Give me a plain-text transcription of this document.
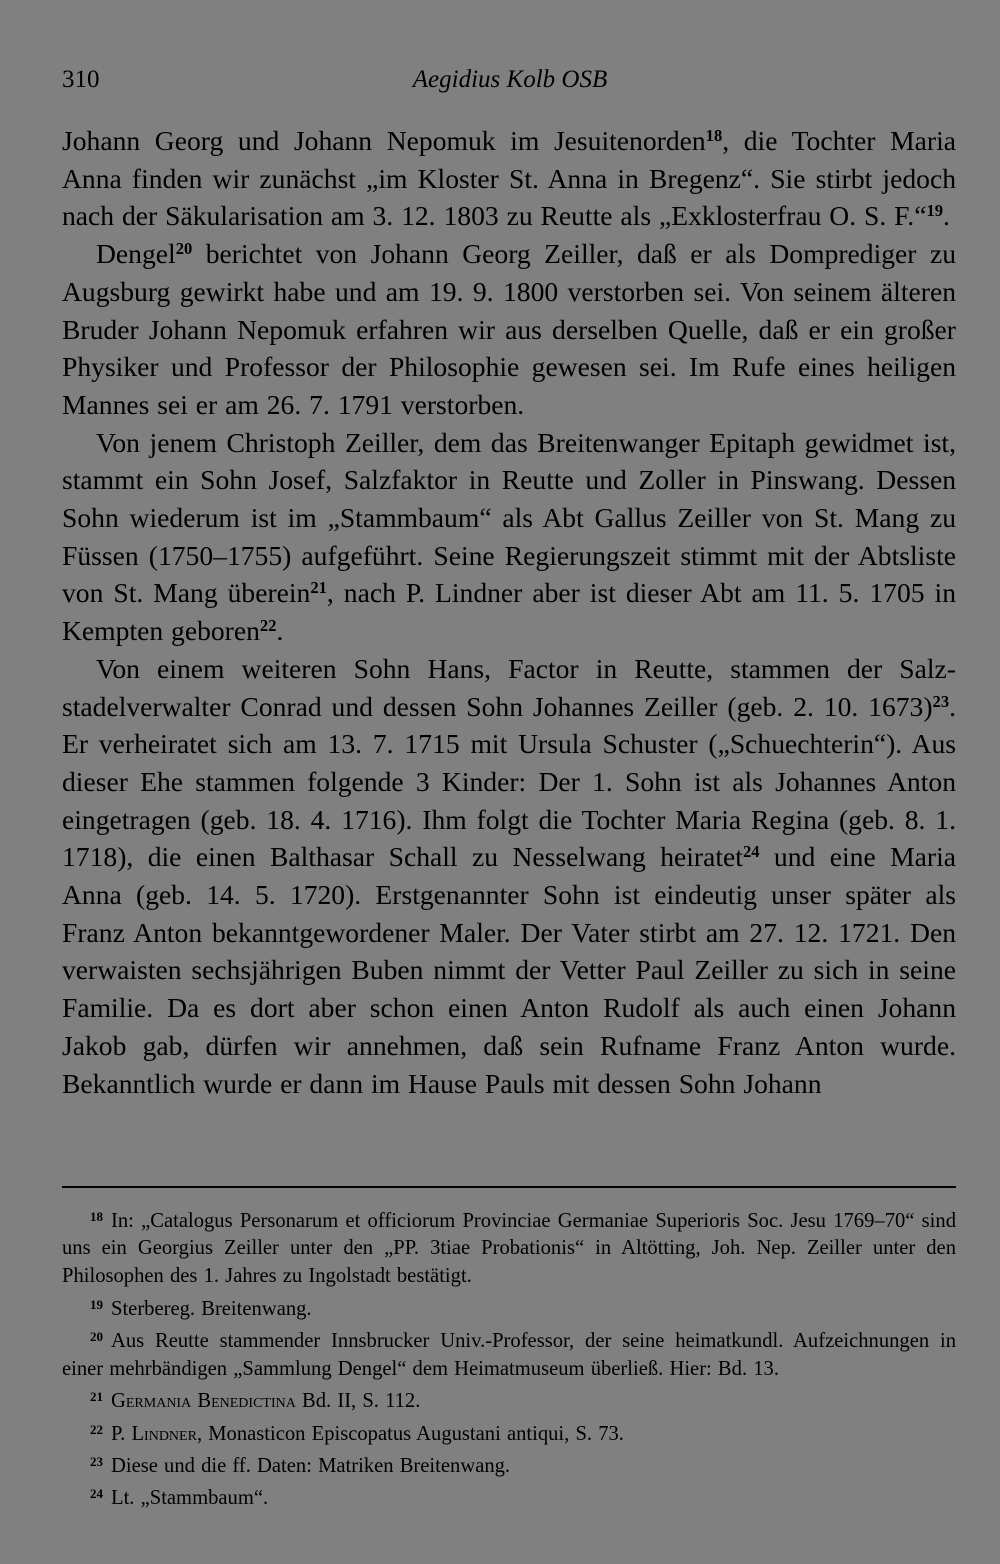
310	Aegidius Kolb OSB

Johann Georg und Johann Nepomuk im Jesuitenorden$^{18}$, die Tochter Maria Anna finden wir zunächst „im Kloster St. Anna in Bregenz“. Sie stirbt jedoch nach der Säkularisation am 3. 12. 1803 zu Reutte als „Exklosterfrau O. S. F.“$^{19}$.

Dengel$^{20}$ berichtet von Johann Georg Zeiller, daß er als Domprediger zu Augsburg gewirkt habe und am 19. 9. 1800 verstorben sei. Von seinem älteren Bruder Johann Nepomuk erfahren wir aus derselben Quelle, daß er ein großer Physiker und Professor der Philosophie gewesen sei. Im Rufe eines heiligen Mannes sei er am 26. 7. 1791 verstorben.

Von jenem Christoph Zeiller, dem das Breitenwanger Epitaph gewidmet ist, stammt ein Sohn Josef, Salzfaktor in Reutte und Zoller in Pinswang. Dessen Sohn wiederum ist im „Stammbaum“ als Abt Gallus Zeiller von St. Mang zu Füssen (1750–1755) aufgeführt. Seine Regierungszeit stimmt mit der Abtsliste von St. Mang überein$^{21}$, nach P. Lindner aber ist dieser Abt am 11. 5. 1705 in Kempten geboren$^{22}$.

Von einem weiteren Sohn Hans, Factor in Reutte, stammen der Salzstadelverwalter Conrad und dessen Sohn Johannes Zeiller (geb. 2. 10. 1673)$^{23}$. Er verheiratet sich am 13. 7. 1715 mit Ursula Schuster („Schuechterin“). Aus dieser Ehe stammen folgende 3 Kinder: Der 1. Sohn ist als Johannes Anton eingetragen (geb. 18. 4. 1716). Ihm folgt die Tochter Maria Regina (geb. 8. 1. 1718), die einen Balthasar Schall zu Nesselwang heiratet$^{24}$ und eine Maria Anna (geb. 14. 5. 1720). Erstgenannter Sohn ist eindeutig unser später als Franz Anton bekanntgewordener Maler. Der Vater stirbt am 27. 12. 1721. Den verwaisten sechsjährigen Buben nimmt der Vetter Paul Zeiller zu sich in seine Familie. Da es dort aber schon einen Anton Rudolf als auch einen Johann Jakob gab, dürfen wir annehmen, daß sein Rufname Franz Anton wurde. Bekanntlich wurde er dann im Hause Pauls mit dessen Sohn Johann

$^{18}$ In: „Catalogus Personarum et officiorum Provinciae Germaniae Superioris Soc. Jesu 1769–70“ sind uns ein Georgius Zeiller unter den „PP. 3tiae Probationis“ in Altötting, Joh. Nep. Zeiller unter den Philosophen des 1. Jahres zu Ingolstadt bestätigt.

$^{19}$ Sterbereg. Breitenwang.

$^{20}$ Aus Reutte stammender Innsbrucker Univ.-Professor, der seine heimatkundl. Aufzeichnungen in einer mehrbändigen „Sammlung Dengel“ dem Heimatmuseum überließ. Hier: Bd. 13.

$^{21}$ Germania Benedictina Bd. II, S. 112.

$^{22}$ P. Lindner, Monasticon Episcopatus Augustani antiqui, S. 73.

$^{23}$ Diese und die ff. Daten: Matriken Breitenwang.

$^{24}$ Lt. „Stammbaum“.
